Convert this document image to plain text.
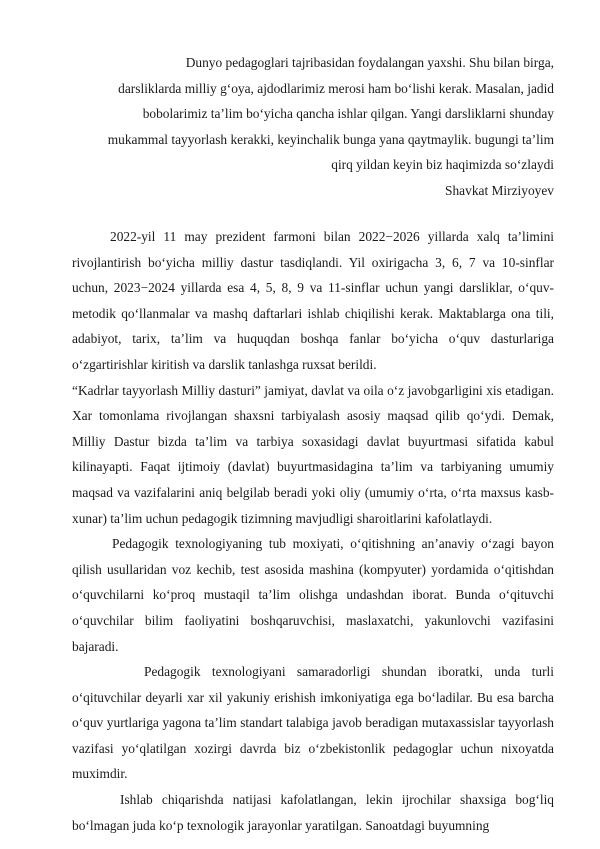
Dunyo pedagoglari tajribasidan foydalangan yaxshi. Shu bilan birga,
darsliklarda milliy g‘oya, ajdodlarimiz merosi ham bo‘lishi kerak. Masalan, jadid
bobolarimiz ta’lim bo‘yicha qancha ishlar qilgan. Yangi darsliklarni shunday
mukammal tayyorlash kerakki, keyinchalik bunga yana qaytmaylik. bugungi ta’lim
qirq yildan keyin biz haqimizda so‘zlaydi
Shavkat Mirziyoyev

2022-yil 11 may prezident farmoni bilan 2022−2026 yillarda xalq ta’limini rivojlantirish bo‘yicha milliy dastur tasdiqlandi. Yil oxirigacha 3, 6, 7 va 10-sinflar uchun, 2023−2024 yillarda esa 4, 5, 8, 9 va 11-sinflar uchun yangi darsliklar, o‘quv-metodik qo‘llanmalar va mashq daftarlari ishlab chiqilishi kerak. Maktablarga ona tili, adabiyot, tarix, ta’lim va huquqdan boshqa fanlar bo‘yicha o‘quv dasturlariga o‘zgartirishlar kiritish va darslik tanlashga ruxsat berildi.

“Kadrlar tayyorlash Milliy dasturi” jamiyat, davlat va oila o‘z javobgarligini xis etadigan. Xar tomonlama rivojlangan shaxsni tarbiyalash asosiy maqsad qilib qo‘ydi. Demak, Milliy Dastur bizda ta’lim va tarbiya soxasidagi davlat buyurtmasi sifatida kabul kilinayapti. Faqat ijtimoiy (davlat) buyurtmasidagina ta’lim va tarbiyaning umumiy maqsad va vazifalarini aniq belgilab beradi yoki oliy (umumiy o‘rta, o‘rta maxsus kasb-xunar) ta’lim uchun pedagogik tizimning mavjudligi sharoitlarini kafolatlaydi.

Pedagogik texnologiyaning tub moxiyati, o‘qitishning an’anaviy o‘zagi bayon qilish usullaridan voz kechib, test asosida mashina (kompyuter) yordamida o‘qitishdan o‘quvchilarni ko‘proq mustaqil ta’lim olishga undashdan iborat. Bunda o‘qituvchi o‘quvchilar bilim faoliyatini boshqaruvchisi, maslaxatchi, yakunlovchi vazifasini bajaradi.

Pedagogik texnologiyani samaradorligi shundan iboratki, unda turli o‘qituvchilar deyarli xar xil yakuniy erishish imkoniyatiga ega bo‘ladilar. Bu esa barcha o‘quv yurtlariga yagona ta’lim standart talabiga javob beradigan mutaxassislar tayyorlash vazifasi yo‘qlatilgan xozirgi davrda biz o‘zbekistonlik pedagoglar uchun nixoyatda muximdir.

Ishlab chiqarishda natijasi kafolatlangan, lekin ijrochilar shaxsiga bog‘liq bo‘lmagan juda ko‘p texnologik jarayonlar yaratilgan. Sanoatdagi buyumning
